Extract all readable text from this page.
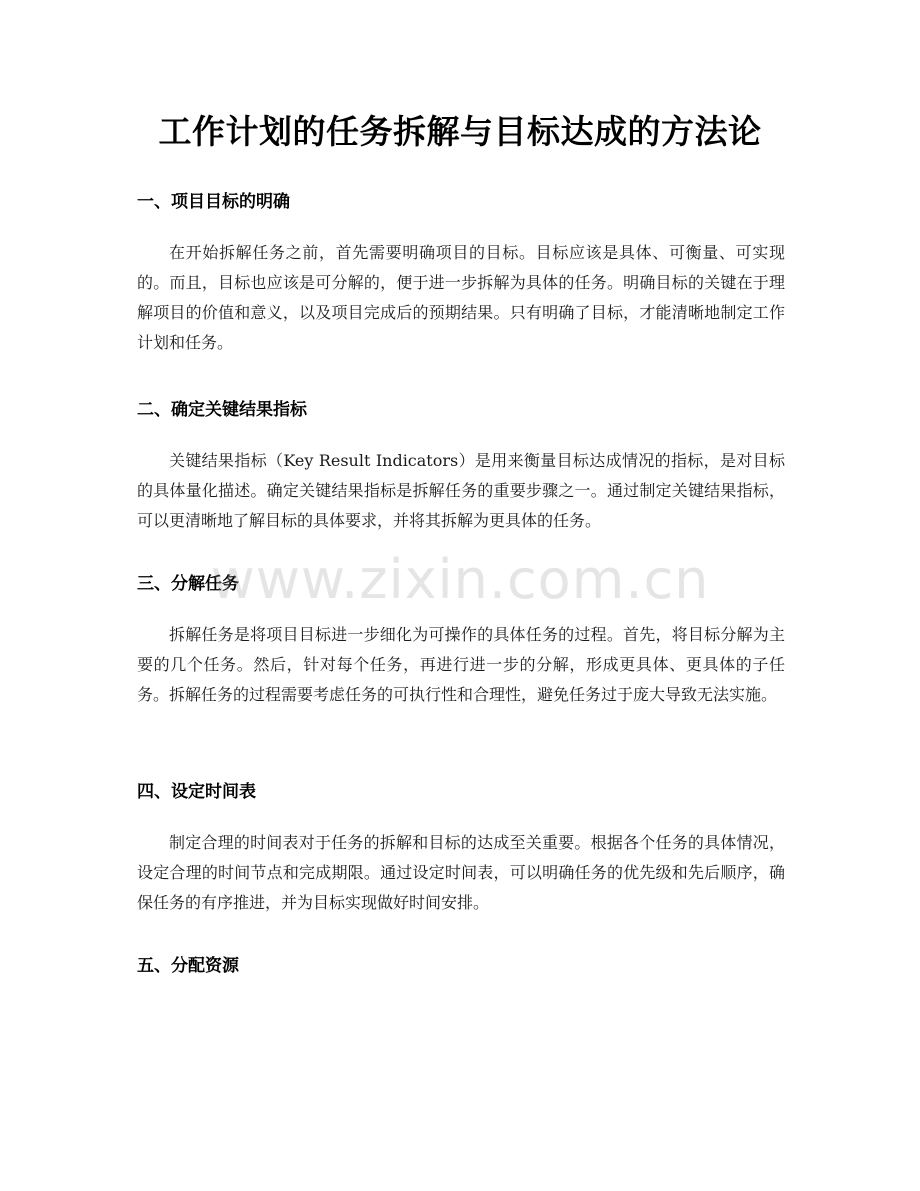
工作计划的任务拆解与目标达成的方法论
一、项目目标的明确

在开始拆解任务之前，首先需要明确项目的目标。目标应该是具体、可衡量、可实现的。而且，目标也应该是可分解的，便于进一步拆解为具体的任务。明确目标的关键在于理解项目的价值和意义，以及项目完成后的预期结果。只有明确了目标，才能清晰地制定工作计划和任务。

二、确定关键结果指标

关键结果指标（Key Result Indicators）是用来衡量目标达成情况的指标，是对目标的具体量化描述。确定关键结果指标是拆解任务的重要步骤之一。通过制定关键结果指标，可以更清晰地了解目标的具体要求，并将其拆解为更具体的任务。

三、分解任务

拆解任务是将项目目标进一步细化为可操作的具体任务的过程。首先，将目标分解为主要的几个任务。然后，针对每个任务，再进行进一步的分解，形成更具体、更具体的子任务。拆解任务的过程需要考虑任务的可执行性和合理性，避免任务过于庞大导致无法实施。

四、设定时间表

制定合理的时间表对于任务的拆解和目标的达成至关重要。根据各个任务的具体情况，设定合理的时间节点和完成期限。通过设定时间表，可以明确任务的优先级和先后顺序，确保任务的有序推进，并为目标实现做好时间安排。

五、分配资源
www.zixin.com.cn
